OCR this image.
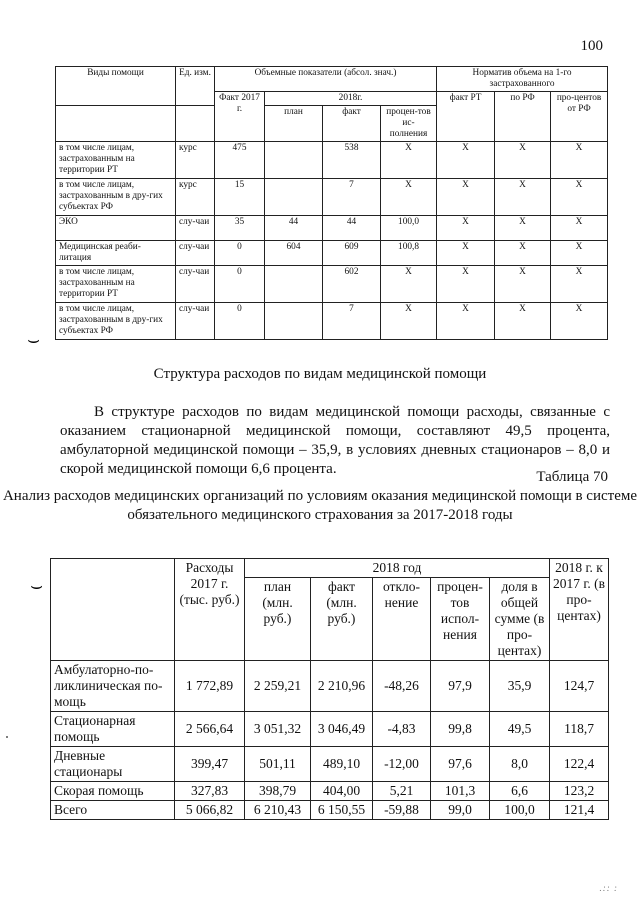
100
⌣
⌣
Виды помощи	Ед. изм.	Объемные показатели (абсол. знач.)				Норматив объема на 1-го застрахованного		
		Факт 2017 г.	2018г.			факт РТ	по РФ	про-центов от РФ
			план	факт	процен-тов ис-полнения			
в том числе лицам, застрахованным на территории РТ	курс	475		538	X	X	X	X
в том числе лицам, застрахованным в дру-гих субъектах РФ	курс	15		7	X	X	X	X
ЭКО	слу-чаи	35	44	44	100,0	X	X	X
Медицинская реаби-литация	слу-чаи	0	604	609	100,8	X	X	X
в том числе лицам, застрахованным на территории РТ	слу-чаи	0		602	X	X	X	X
в том числе лицам, застрахованным в дру-гих субъектах РФ	слу-чаи	0		7	X	X	X	X
Структура расходов по видам медицинской помощи
В структуре расходов по видам медицинской помощи расходы, связанные с оказанием стационарной медицинской помощи, составляют 49,5 процента, амбулаторной медицинской помощи – 35,9, в условиях дневных стационаров – 8,0 и скорой медицинской помощи 6,6 процента.	Таблица 70
Анализ расходов медицинских организаций по условиям оказания медицинской помощи в системе обязательного медицинского страхования за 2017-2018 годы
	Расходы 2017 г. (тыс. руб.)	2018 год					2018 г. к 2017 г. (в про-центах)
		план (млн. руб.)	факт (млн. руб.)	откло-нение	процен-тов испол-нения	доля в общей сумме (в про-центах)	
Амбулаторно-по-ликлиническая по-мощь	1 772,89	2 259,21	2 210,96	-48,26	97,9	35,9	124,7
Стационарная помощь	2 566,64	3 051,32	3 046,49	-4,83	99,8	49,5	118,7
Дневные стационары	399,47	501,11	489,10	-12,00	97,6	8,0	122,4
Скорая помощь	327,83	398,79	404,00	5,21	101,3	6,6	123,2
Всего	5 066,82	6 210,43	6 150,55	-59,88	99,0	100,0	121,4
.:: :
